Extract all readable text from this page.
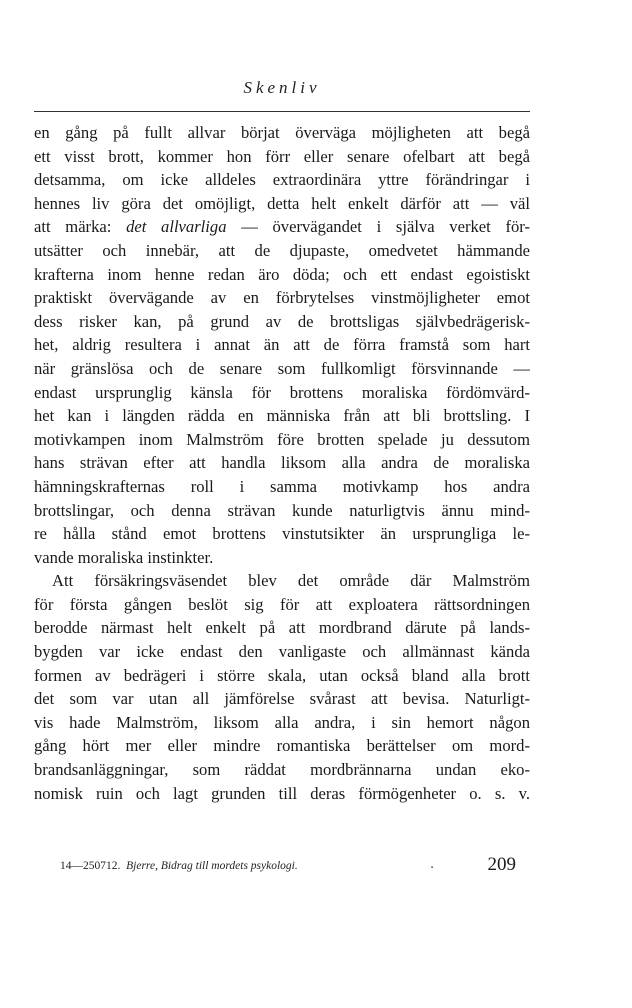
Skenliv
en gång på fullt allvar börjat överväga möjligheten att begå
ett visst brott, kommer hon förr eller senare ofelbart att begå
detsamma, om icke alldeles extraordinära yttre förändringar i
hennes liv göra det omöjligt, detta helt enkelt därför att — väl
att märka: det allvarliga — övervägandet i själva verket för-
utsätter och innebär, att de djupaste, omedvetet hämmande
krafterna inom henne redan äro döda; och ett endast egoistiskt
praktiskt övervägande av en förbrytelses vinstmöjligheter emot
dess risker kan, på grund av de brottsligas självbedrägerisk-
het, aldrig resultera i annat än att de förra framstå som hart
när gränslösa och de senare som fullkomligt försvinnande —
endast ursprunglig känsla för brottens moraliska fördömvärd-
het kan i längden rädda en människa från att bli brottsling. I
motivkampen inom Malmström före brotten spelade ju dessutom
hans strävan efter att handla liksom alla andra de moraliska
hämningskrafternas roll i samma motivkamp hos andra
brottslingar, och denna strävan kunde naturligtvis ännu mind-
re hålla stånd emot brottens vinstutsikter än ursprungliga le-
vande moraliska instinkter.
Att försäkringsväsendet blev det område där Malmström
för första gången beslöt sig för att exploatera rättsordningen
berodde närmast helt enkelt på att mordbrand därute på lands-
bygden var icke endast den vanligaste och allmännast kända
formen av bedrägeri i större skala, utan också bland alla brott
det som var utan all jämförelse svårast att bevisa. Naturligt-
vis hade Malmström, liksom alla andra, i sin hemort någon
gång hört mer eller mindre romantiska berättelser om mord-
brandsanläggningar, som räddat mordbrännarna undan eko-
nomisk ruin och lagt grunden till deras förmögenheter o. s. v.
14—250712. Bjerre, Bidrag till mordets psykologi.	.	209
